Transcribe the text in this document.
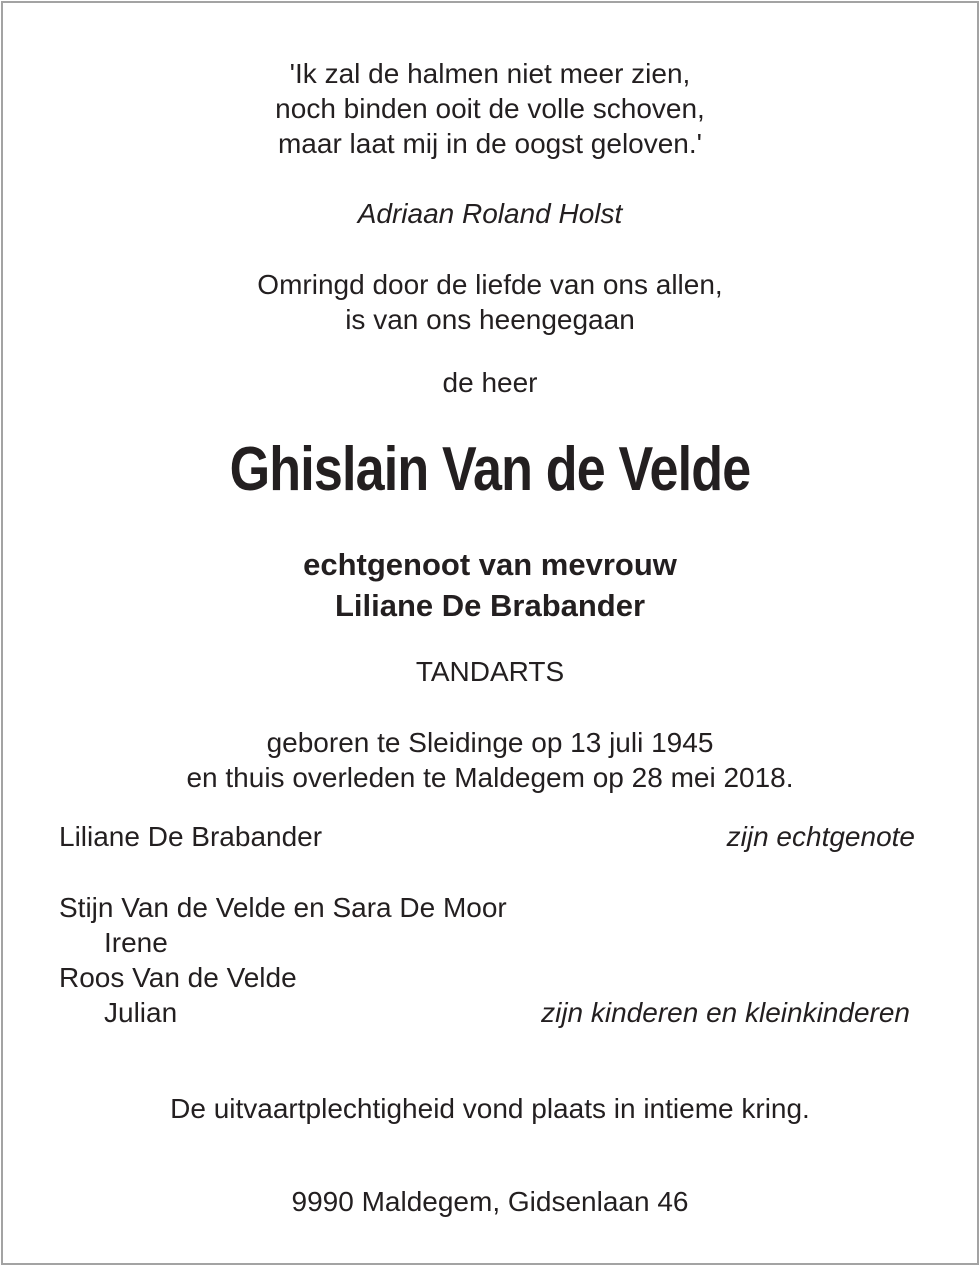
'Ik zal de halmen niet meer zien,
noch binden ooit de volle schoven,
maar laat mij in de oogst geloven.'
Adriaan Roland Holst
Omringd door de liefde van ons allen,
is van ons heengegaan
de heer
Ghislain Van de Velde
echtgenoot van mevrouw
Liliane De Brabander
TANDARTS
geboren te Sleidinge op 13 juli 1945
en thuis overleden te Maldegem op 28 mei 2018.
Liliane De Brabander	zijn echtgenote
Stijn Van de Velde en Sara De Moor
Irene
Roos Van de Velde
Julian	zijn kinderen en kleinkinderen
De uitvaartplechtigheid vond plaats in intieme kring.
9990 Maldegem, Gidsenlaan 46
